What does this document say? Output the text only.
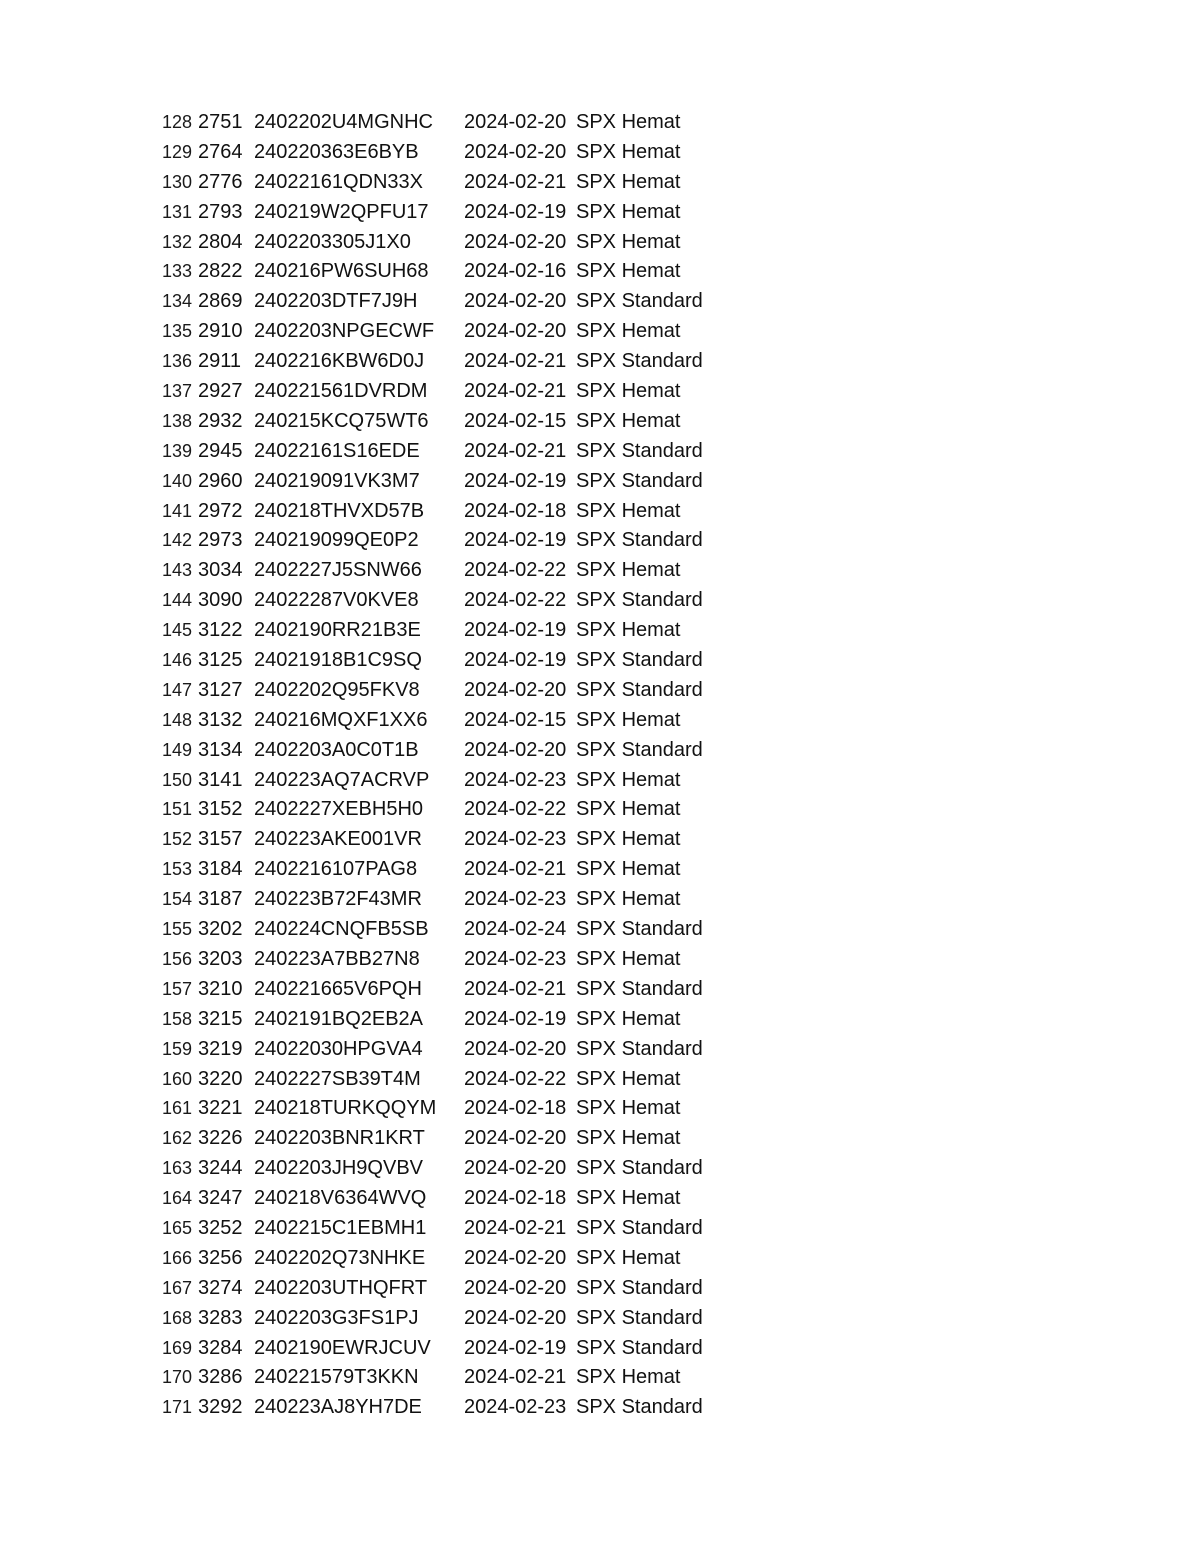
128 2751 2402202U4MGNHC 2024-02-20 SPX Hemat
129 2764 240220363E6BYB 2024-02-20 SPX Hemat
130 2776 24022161QDN33X 2024-02-21 SPX Hemat
131 2793 240219W2QPFU17 2024-02-19 SPX Hemat
132 2804 2402203305J1X0	2024-02-20 SPX Hemat
133 2822 240216PW6SUH68 2024-02-16 SPX Hemat
134 2869 2402203DTF7J9H 2024-02-20 SPX Standard
135 2910 2402203NPGECWF 2024-02-20 SPX Hemat
136 2911 2402216KBW6D0J 2024-02-21 SPX Standard
137 2927 240221561DVRDM 2024-02-21 SPX Hemat
138 2932 240215KCQ75WT6 2024-02-15 SPX Hemat
139 2945 24022161S16EDE 2024-02-21 SPX Standard
140 2960 240219091VK3M7 2024-02-19 SPX Standard
141 2972 240218THVXD57B 2024-02-18 SPX Hemat
142 2973 240219099QE0P2 2024-02-19 SPX Standard
143 3034 2402227J5SNW66 2024-02-22 SPX Hemat
144 3090 24022287V0KVE8 2024-02-22 SPX Standard
145 3122 2402190RR21B3E 2024-02-19 SPX Hemat
146 3125 24021918B1C9SQ 2024-02-19 SPX Standard
147 3127 2402202Q95FKV8 2024-02-20 SPX Standard
148 3132 240216MQXF1XX6 2024-02-15 SPX Hemat
149 3134 2402203A0C0T1B 2024-02-20 SPX Standard
150 3141 240223AQ7ACRVP 2024-02-23 SPX Hemat
151 3152 2402227XEBH5H0 2024-02-22 SPX Hemat
152 3157 240223AKE001VR 2024-02-23 SPX Hemat
153 3184 2402216107PAG8 2024-02-21 SPX Hemat
154 3187 240223B72F43MR 2024-02-23 SPX Hemat
155 3202 240224CNQFB5SB 2024-02-24 SPX Standard
156 3203 240223A7BB27N8 2024-02-23 SPX Hemat
157 3210 240221665V6PQH 2024-02-21 SPX Standard
158 3215 2402191BQ2EB2A 2024-02-19 SPX Hemat
159 3219 24022030HPGVA4 2024-02-20 SPX Standard
160 3220 2402227SB39T4M 2024-02-22 SPX Hemat
161 3221 240218TURKQQYM 2024-02-18 SPX Hemat
162 3226 2402203BNR1KRT 2024-02-20 SPX Hemat
163 3244 2402203JH9QVBV 2024-02-20 SPX Standard
164 3247 240218V6364WVQ 2024-02-18 SPX Hemat
165 3252 2402215C1EBMH1 2024-02-21 SPX Standard
166 3256 2402202Q73NHKE 2024-02-20 SPX Hemat
167 3274 2402203UTHQFRT 2024-02-20 SPX Standard
168 3283 2402203G3FS1PJ 2024-02-20 SPX Standard
169 3284 2402190EWRJCUV 2024-02-19 SPX Standard
170 3286 240221579T3KKN 2024-02-21 SPX Hemat
171 3292 240223AJ8YH7DE 2024-02-23 SPX Standard
